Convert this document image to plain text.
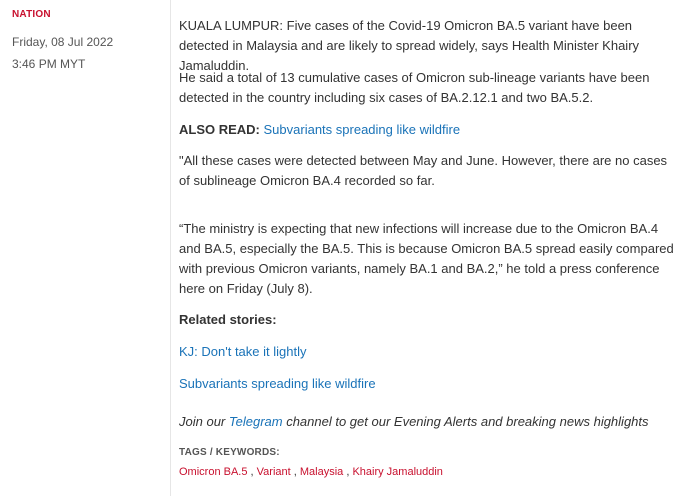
NATION
Friday, 08 Jul 2022
3:46 PM MYT

KUALA LUMPUR: Five cases of the Covid-19 Omicron BA.5 variant have been detected in Malaysia and are likely to spread widely, says Health Minister Khairy Jamaluddin.

He said a total of 13 cumulative cases of Omicron sub-lineage variants have been detected in the country including six cases of BA.2.12.1 and two BA.5.2.

ALSO READ: Subvariants spreading like wildfire

"All these cases were detected between May and June. However, there are no cases of sublineage Omicron BA.4 recorded so far.

“The ministry is expecting that new infections will increase due to the Omicron BA.4 and BA.5, especially the BA.5. This is because Omicron BA.5 spread easily compared with previous Omicron variants, namely BA.1 and BA.2,” he told a press conference here on Friday (July 8).

Related stories:

KJ: Don't take it lightly

Subvariants spreading like wildfire

Join our Telegram channel to get our Evening Alerts and breaking news highlights

TAGS / KEYWORDS:
Omicron BA.5 , Variant , Malaysia , Khairy Jamaluddin
